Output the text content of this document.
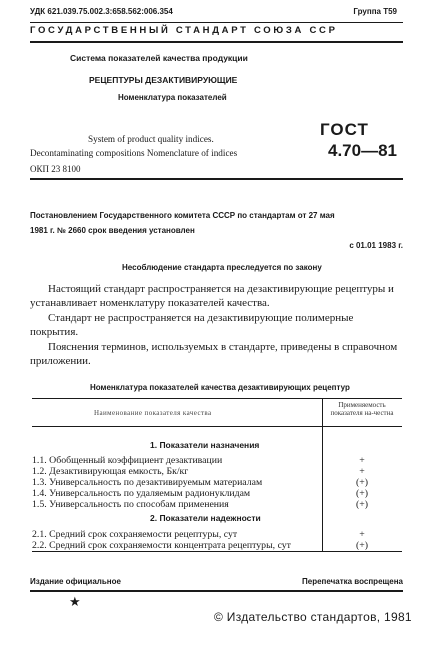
УДК 621.039.75.002.3:658.562:006.354	Группа Т59
ГОСУДАРСТВЕННЫЙ СТАНДАРТ СОЮЗА ССР
Система показателей качества продукции
РЕЦЕПТУРЫ ДЕЗАКТИВИРУЮЩИЕ
Номенклатура показателей
ГОСТ
4.70—81
System of product quality indices.
Decontaminating compositions Nomenclature of indices
ОКП 23 8100
Постановлением Государственного комитета СССР по стандартам от 27 мая
1981 г. № 2660 срок введения установлен
с 01.01 1983 г.
Несоблюдение стандарта преследуется по закону
Настоящий стандарт распространяется на дезактивирующие рецептуры и устанавливает номенклатуру показателей качества.
Стандарт не распространяется на дезактивирующие полимерные покрытия.
Пояснения терминов, используемых в стандарте, приведены в справочном приложении.
Номенклатура показателей качества дезактивирующих рецептур
Наименование показателя качества
Применяемость показателя на-честна
1. Показатели назначения
1.1. Обобщенный коэффициент дезактивации	+
1.2. Дезактивирующая емкость, Бк/кг	+
1.3. Универсальность по дезактивируемым материалам	(+)
1.4. Универсальность по удаляемым радионуклидам	(+)
1.5. Универсальность по способам применения	(+)
2. Показатели надежности
2.1. Средний срок сохраняемости рецептуры, сут	+
2.2. Средний срок сохраняемости концентрата рецептуры, сут	(+)
Издание официальное	Перепечатка воспрещена
★
© Издательство стандартов, 1981
